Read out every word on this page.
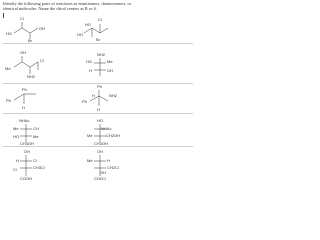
Identify the following pairs of structures as enantiomers, diastereomers, or
identical molecules. Name the chiral centers as R or S.
Cl
OH
HO
Br
Cl
HO
HO
Br
OH
Cl
Me
NH2
NH2
Me
HO
H	OH
Ph
Ph
H
Ph
NH2
H
Ph
H
NHAc
Me	CH
HO	Me
CH3OH
HO
NHAc
Me	CH2OH
CH3OH
OH
H	Cl
CH3Cl
Cl
COOH
OH
Me	H
CH2Cl
OH
CH2Cl
